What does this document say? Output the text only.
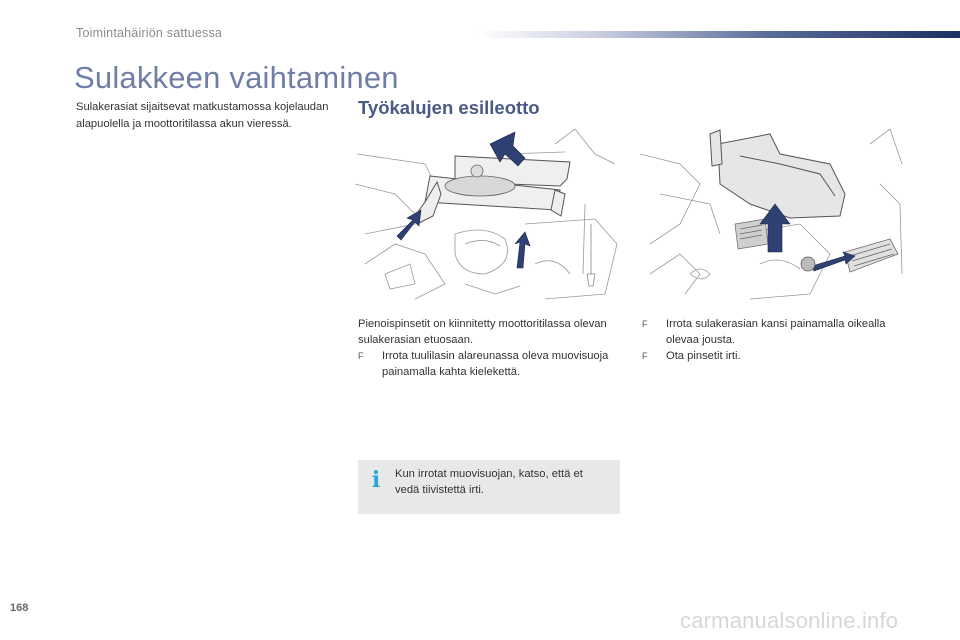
Toimintahäiriön sattuessa
Sulakkeen vaihtaminen
Sulakerasiat sijaitsevat matkustamossa kojelaudan alapuolella ja moottoritilassa akun vieressä.
Työkalujen esilleotto
Pienoispinsetit on kiinnitetty moottoritilassa olevan sulakerasian etuosaan.
F Irrota tuulilasin alareunassa oleva muovisuoja painamalla kahta kielekettä.
F Irrota sulakerasian kansi painamalla oikealla olevaa jousta.
F Ota pinsetit irti.
i Kun irrotat muovisuojan, katso, että et vedä tiivistettä irti.
168	carmanualsonline.info
